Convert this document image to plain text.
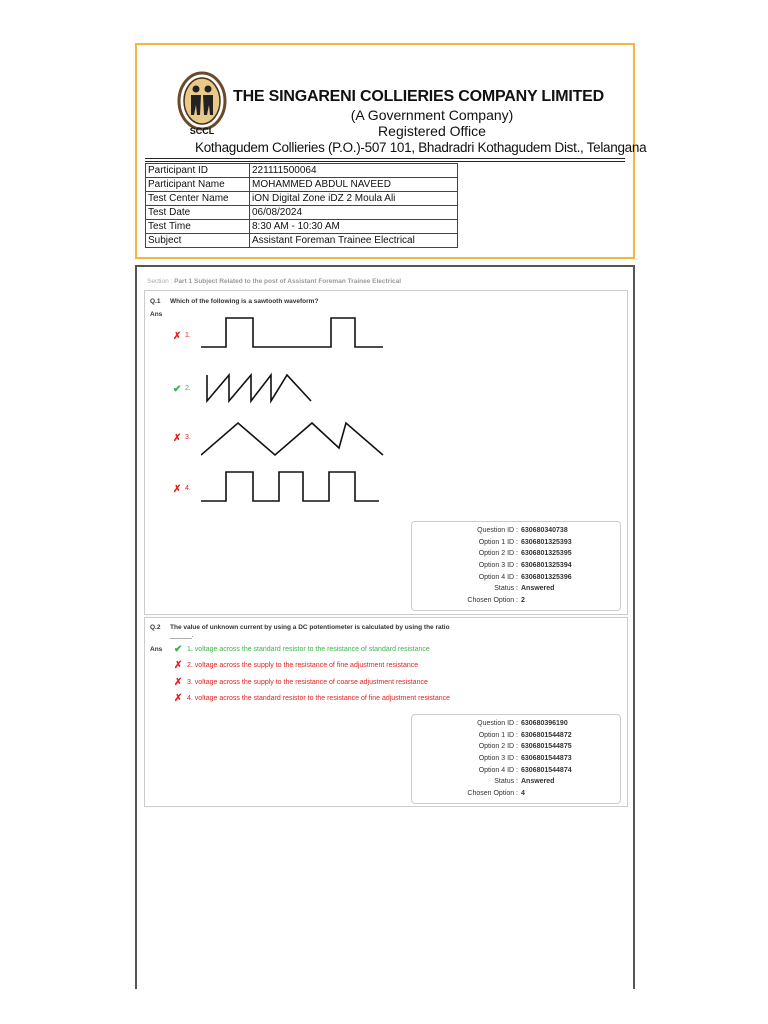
SCCL
THE SINGARENI COLLIERIES COMPANY LIMITED
(A Government Company)
Registered Office
Kothagudem Collieries (P.O.)-507 101, Bhadradri Kothagudem Dist., Telangana
Participant ID	221111500064
Participant Name	MOHAMMED ABDUL NAVEED
Test Center Name	iON Digital Zone iDZ 2 Moula Ali
Test Date	06/08/2024
Test Time	8:30 AM - 10:30 AM
Subject	Assistant Foreman Trainee Electrical
Section : Part 1 Subject Related to the post of Assistant Foreman Trainee Electrical
Q.1 Which of the following is a sawtooth waveform?
Ans
✗ 1.
✔ 2.
✗ 3.
✗ 4.
Question ID : 630680340738
Option 1 ID : 6306801325393
Option 2 ID : 6306801325395
Option 3 ID : 6306801325394
Option 4 ID : 6306801325396
Status : Answered
Chosen Option : 2
Q.2 The value of unknown current by using a DC potentiometer is calculated by using the ratio
______.
Ans ✔ 1. voltage across the standard resistor to the resistance of standard resistance
✗ 2. voltage across the supply to the resistance of fine adjustment resistance
✗ 3. voltage across the supply to the resistance of coarse adjustment resistance
✗ 4. voltage across the standard resistor to the resistance of fine adjustment resistance
Question ID : 630680396190
Option 1 ID : 6306801544872
Option 2 ID : 6306801544875
Option 3 ID : 6306801544873
Option 4 ID : 6306801544874
Status : Answered
Chosen Option : 4
